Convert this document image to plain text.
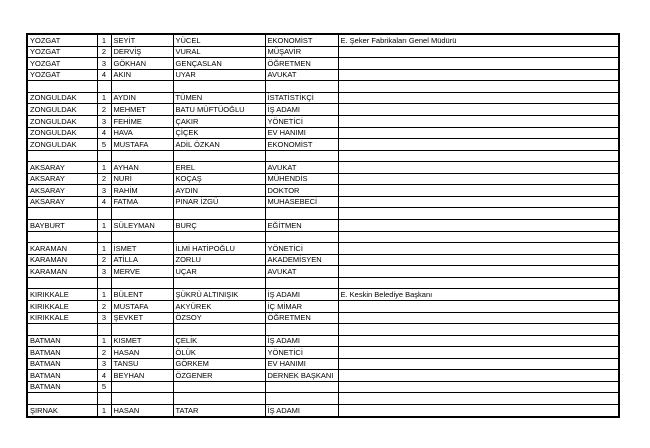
YOZGAT	1	SEYİT	YÜCEL	EKONOMİST	E. Şeker Fabrikaları Genel Müdürü
YOZGAT	2	DERVİŞ	VURAL	MÜŞAVİR	
YOZGAT	3	GÖKHAN	GENÇASLAN	ÖĞRETMEN	
YOZGAT	4	AKIN	UYAR	AVUKAT	

ZONGULDAK	1	AYDIN	TÜMEN	İSTATİSTİKÇİ	
ZONGULDAK	2	MEHMET	BATU MÜFTÜOĞLU	İŞ ADAMI	
ZONGULDAK	3	FEHİME	ÇAKIR	YÖNETİCİ	
ZONGULDAK	4	HAVA	ÇİÇEK	EV HANIMI	
ZONGULDAK	5	MUSTAFA	ADİL ÖZKAN	EKONOMİST	

AKSARAY	1	AYHAN	EREL	AVUKAT	
AKSARAY	2	NURİ	KOÇAŞ	MÜHENDİS	
AKSARAY	3	RAHİM	AYDIN	DOKTOR	
AKSARAY	4	FATMA	PINAR İZGÜ	MUHASEBECİ	

BAYBURT	1	SÜLEYMAN	BURÇ	EĞİTMEN	

KARAMAN	1	İSMET	İLMİ HATİPOĞLU	YÖNETİCİ	
KARAMAN	2	ATİLLA	ZORLU	AKADEMİSYEN	
KARAMAN	3	MERVE	UÇAR	AVUKAT	

KIRIKKALE	1	BÜLENT	ŞÜKRÜ ALTINIŞIK	İŞ ADAMI	E. Keskin Belediye Başkanı
KIRIKKALE	2	MUSTAFA	AKYÜREK	İÇ MİMAR	
KIRIKKALE	3	ŞEVKET	ÖZSOY	ÖĞRETMEN	

BATMAN	1	KISMET	ÇELİK	İŞ ADAMI	
BATMAN	2	HASAN	ÖLÜK	YÖNETİCİ	
BATMAN	3	TANSU	GÖRKEM	EV HANIMI	
BATMAN	4	BEYHAN	ÖZGENER	DERNEK BAŞKANI	
BATMAN	5				

ŞIRNAK	1	HASAN	TATAR	İŞ ADAMI	
